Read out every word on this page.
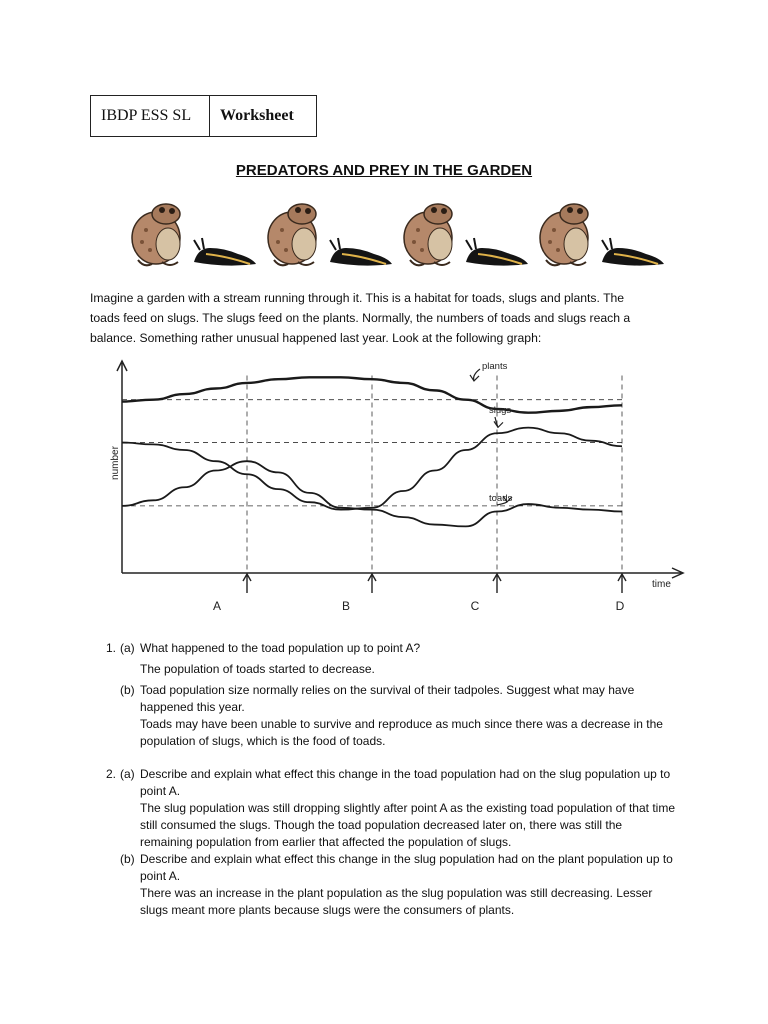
IBDP ESS SL	Worksheet
PREDATORS AND PREY IN THE GARDEN
Imagine a garden with a stream running through it. This is a habitat for toads, slugs and plants. The
toads feed on slugs. The slugs feed on the plants. Normally, the numbers of toads and slugs reach a
balance. Something rather unusual happened last year. Look at the following graph:
number
time
A	B	C	D
plants
slugs
toads
1. (a) What happened to the toad population up to point A?
The population of toads started to decrease.
(b) Toad population size normally relies on the survival of their tadpoles. Suggest what may have happened this year.
Toads may have been unable to survive and reproduce as much since there was a decrease in the population of slugs, which is the food of toads.
2. (a) Describe and explain what effect this change in the toad population had on the slug population up to point A.
The slug population was still dropping slightly after point A as the existing toad population of that time still consumed the slugs. Though the toad population decreased later on, there was still the remaining population from earlier that affected the population of slugs.
(b) Describe and explain what effect this change in the slug population had on the plant population up to point A.
There was an increase in the plant population as the slug population was still decreasing. Lesser slugs meant more plants because slugs were the consumers of plants.
